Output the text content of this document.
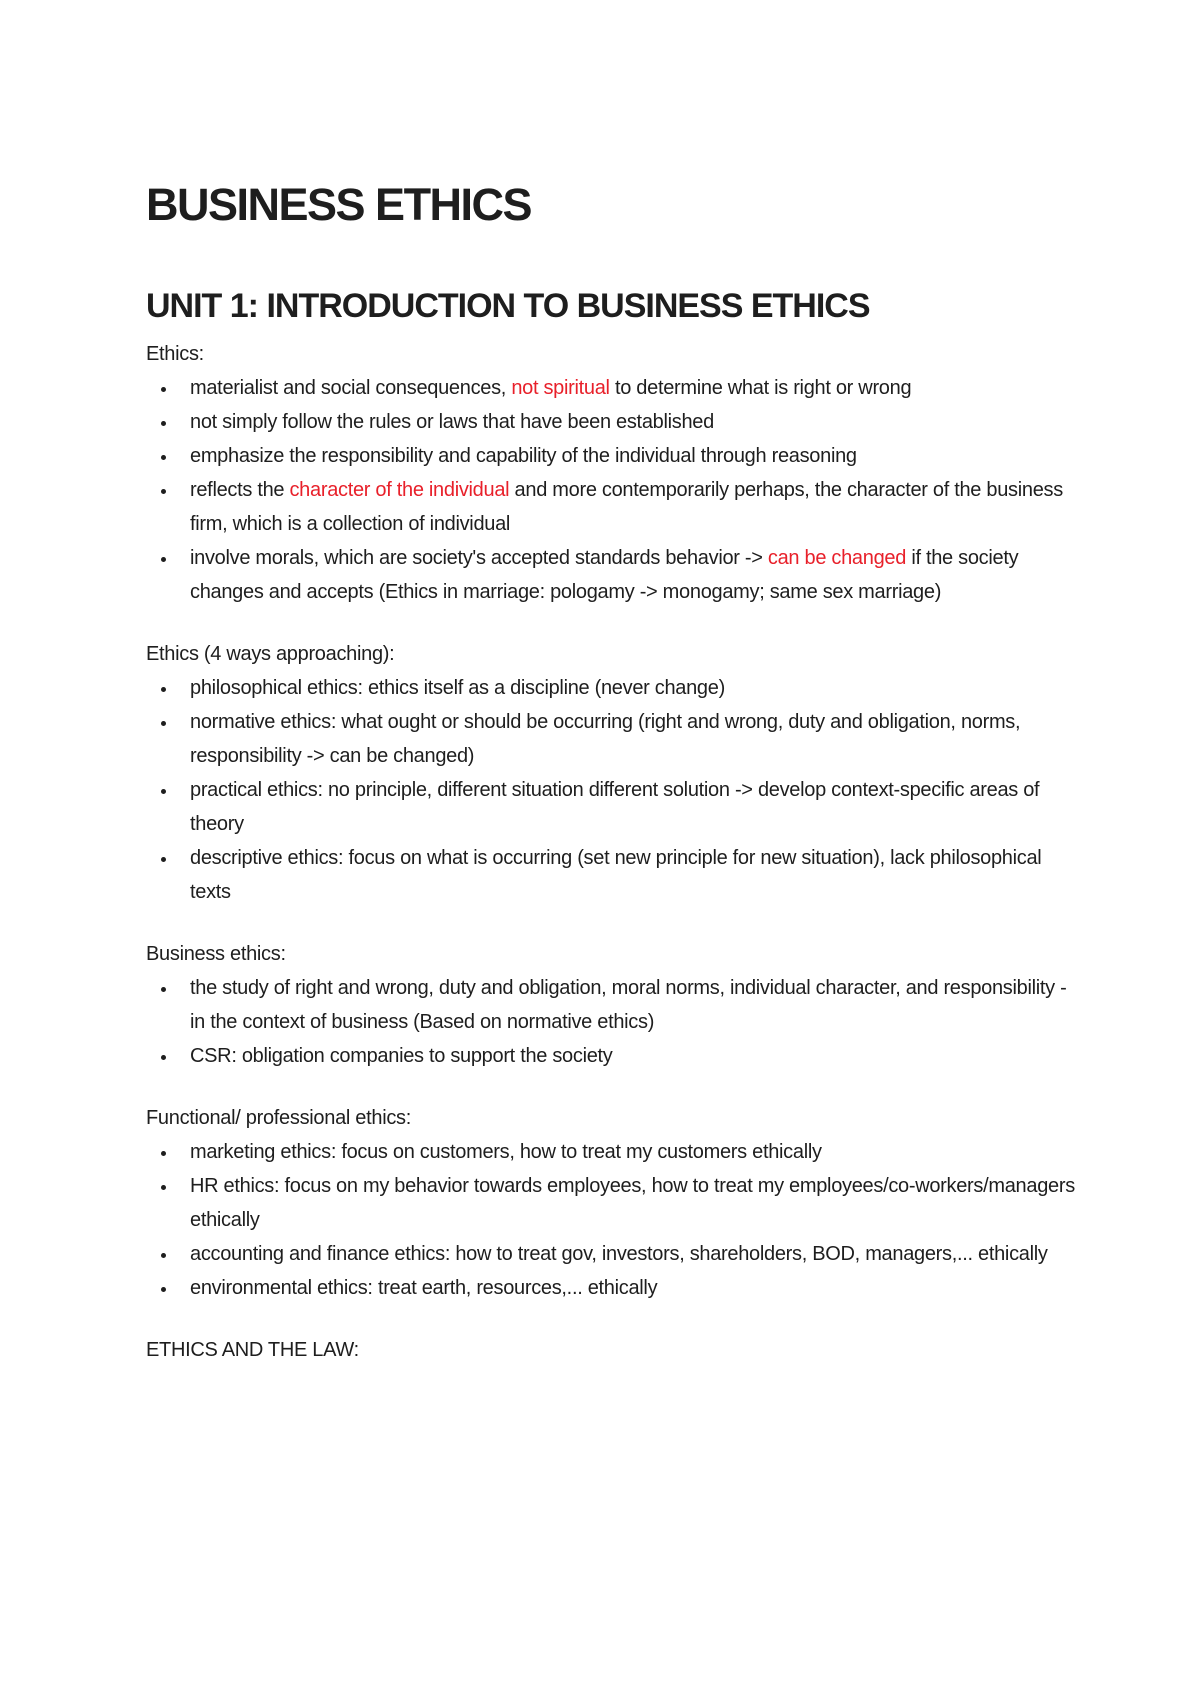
BUSINESS ETHICS
UNIT 1: INTRODUCTION TO BUSINESS ETHICS

Ethics:

materialist and social consequences, not spiritual to determine what is right or wrong
not simply follow the rules or laws that have been established
emphasize the responsibility and capability of the individual through reasoning
reflects the character of the individual and more contemporarily perhaps, the character of the business firm, which is a collection of individual
involve morals, which are society's accepted standards behavior -> can be changed if the society changes and accepts (Ethics in marriage: pologamy -> monogamy; same sex marriage)

Ethics (4 ways approaching):

philosophical ethics: ethics itself as a discipline (never change)
normative ethics: what ought or should be occurring (right and wrong, duty and obligation, norms, responsibility -> can be changed)
practical ethics: no principle, different situation different solution -> develop context-specific areas of theory
descriptive ethics: focus on what is occurring (set new principle for new situation), lack philosophical texts

Business ethics:

the study of right and wrong, duty and obligation, moral norms, individual character, and responsibility - in the context of business (Based on normative ethics)
CSR: obligation companies to support the society

Functional/ professional ethics:

marketing ethics: focus on customers, how to treat my customers ethically
HR ethics: focus on my behavior towards employees, how to treat my employees/co-workers/managers ethically
accounting and finance ethics: how to treat gov, investors, shareholders, BOD, managers,... ethically
environmental ethics: treat earth, resources,... ethically

ETHICS AND THE LAW:
